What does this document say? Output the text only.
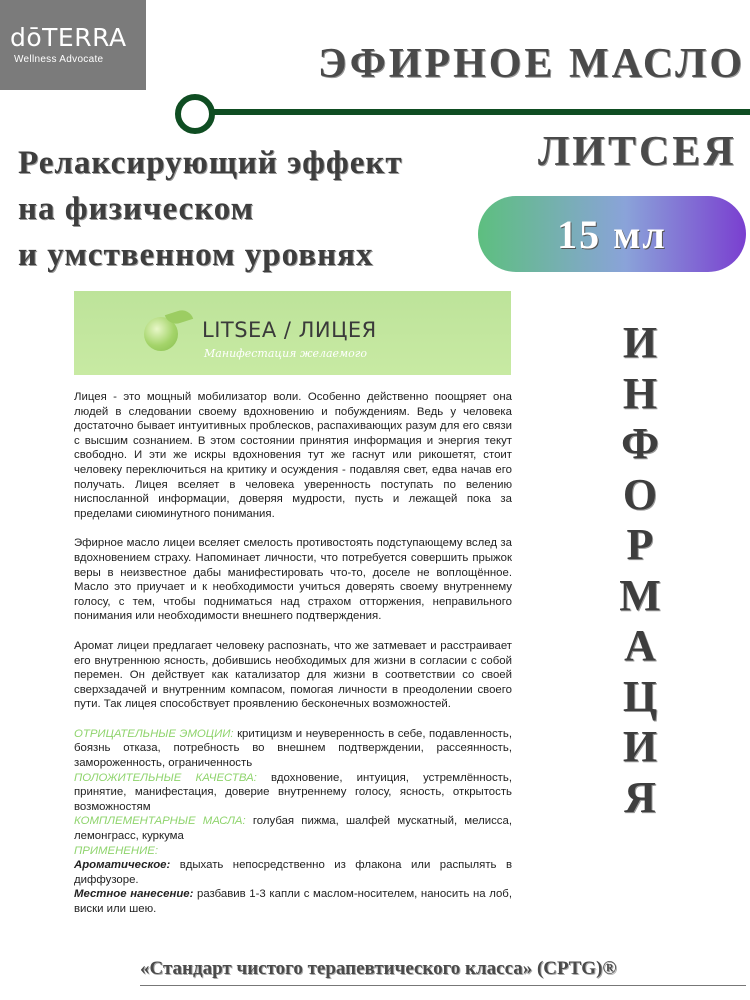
dōTERRA
Wellness Advocate	ЭФИРНОЕ МАСЛО
ЛИТСЕЯ
Релаксирующий эффект
на физическом
и умственном уровнях	15 мл
И
Н
Ф
О
Р
М
А
Ц
И
Я
LITSEA / ЛИЦЕЯ
Манифестация желаемого

Лицея - это мощный мобилизатор воли. Особенно действенно поощряет она людей в следовании своему вдохновению и побуждениям. Ведь у человека достаточно бывает интуитивных проблесков, распахивающих разум для его связи с высшим сознанием. В этом состоянии принятия информация и энергия текут свободно. И эти же искры вдохновения тут же гаснут или рикошетят, стоит человеку переключиться на критику и осуждения - подавляя свет, едва начав его получать. Лицея вселяет в человека уверенность поступать по велению ниспосланной информации, доверяя мудрости, пусть и лежащей пока за пределами сиюминутного понимания.

Эфирное масло лицеи вселяет смелость противостоять подступающему вслед за вдохновением страху. Напоминает личности, что потребуется совершить прыжок веры в неизвестное дабы манифестировать что-то, доселе не воплощённое. Масло это приучает и к необходимости учиться доверять своему внутреннему голосу, с тем, чтобы подниматься над страхом отторжения, неправильного понимания или необходимости внешнего подтверждения.

Аромат лицеи предлагает человеку распознать, что же затмевает и расстраивает его внутреннюю ясность, добившись необходимых для жизни в согласии с собой перемен. Он действует как катализатор для жизни в соответствии со своей сверхзадачей и внутренним компасом, помогая личности в преодолении своего пути. Так лицея способствует проявлению бесконечных возможностей.

ОТРИЦАТЕЛЬНЫЕ ЭМОЦИИ: критицизм и неуверенность в себе, подавленность, боязнь отказа, потребность во внешнем подтверждении, рассеянность, замороженность, ограниченность

ПОЛОЖИТЕЛЬНЫЕ КАЧЕСТВА: вдохновение, интуиция, устремлённость, принятие, манифестация, доверие внутреннему голосу, ясность, открытость возможностям

КОМПЛЕМЕНТАРНЫЕ МАСЛА: голубая пижма, шалфей мускатный, мелисса, лемонграсс, куркума

ПРИМЕНЕНИЕ:

Ароматическое: вдыхать непосредственно из флакона или распылять в диффузоре.

Местное нанесение: разбавив 1-3 капли с маслом-носителем, наносить на лоб, виски или шею.

«Стандарт чистого терапевтического класса» (CPTG)®
